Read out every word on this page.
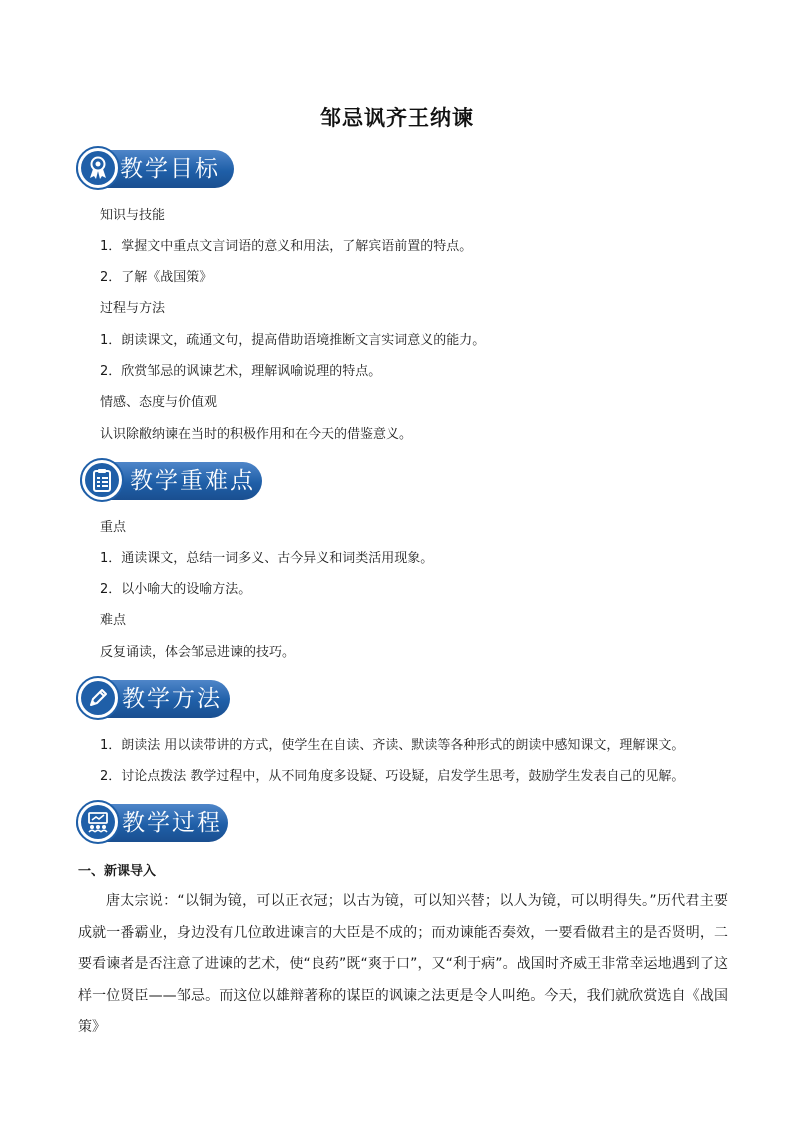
邹忌讽齐王纳谏
教学目标
知识与技能
1．掌握文中重点文言词语的意义和用法，了解宾语前置的特点。
2．了解《战国策》
过程与方法
1．朗读课文，疏通文句，提高借助语境推断文言实词意义的能力。
2．欣赏邹忌的讽谏艺术，理解讽喻说理的特点。
情感、态度与价值观
认识除敝纳谏在当时的积极作用和在今天的借鉴意义。
教学重难点
重点
1．通读课文，总结一词多义、古今异义和词类活用现象。
2．以小喻大的设喻方法。
难点
反复诵读，体会邹忌进谏的技巧。
教学方法
1．朗读法 用以读带讲的方式，使学生在自读、齐读、默读等各种形式的朗读中感知课文，理解课文。
2．讨论点拨法 教学过程中，从不同角度多设疑、巧设疑，启发学生思考，鼓励学生发表自己的见解。
教学过程
一、新课导入
唐太宗说：“以铜为镜，可以正衣冠；以古为镜，可以知兴替；以人为镜，可以明得失。”历代君主要成就一番霸业，身边没有几位敢进谏言的大臣是不成的；而劝谏能否奏效，一要看做君主的是否贤明，二要看谏者是否注意了进谏的艺术，使“良药”既“爽于口”，又“利于病”。战国时齐威王非常幸运地遇到了这样一位贤臣——邹忌。而这位以雄辩著称的谋臣的讽谏之法更是令人叫绝。今天，我们就欣赏选自《战国策》
